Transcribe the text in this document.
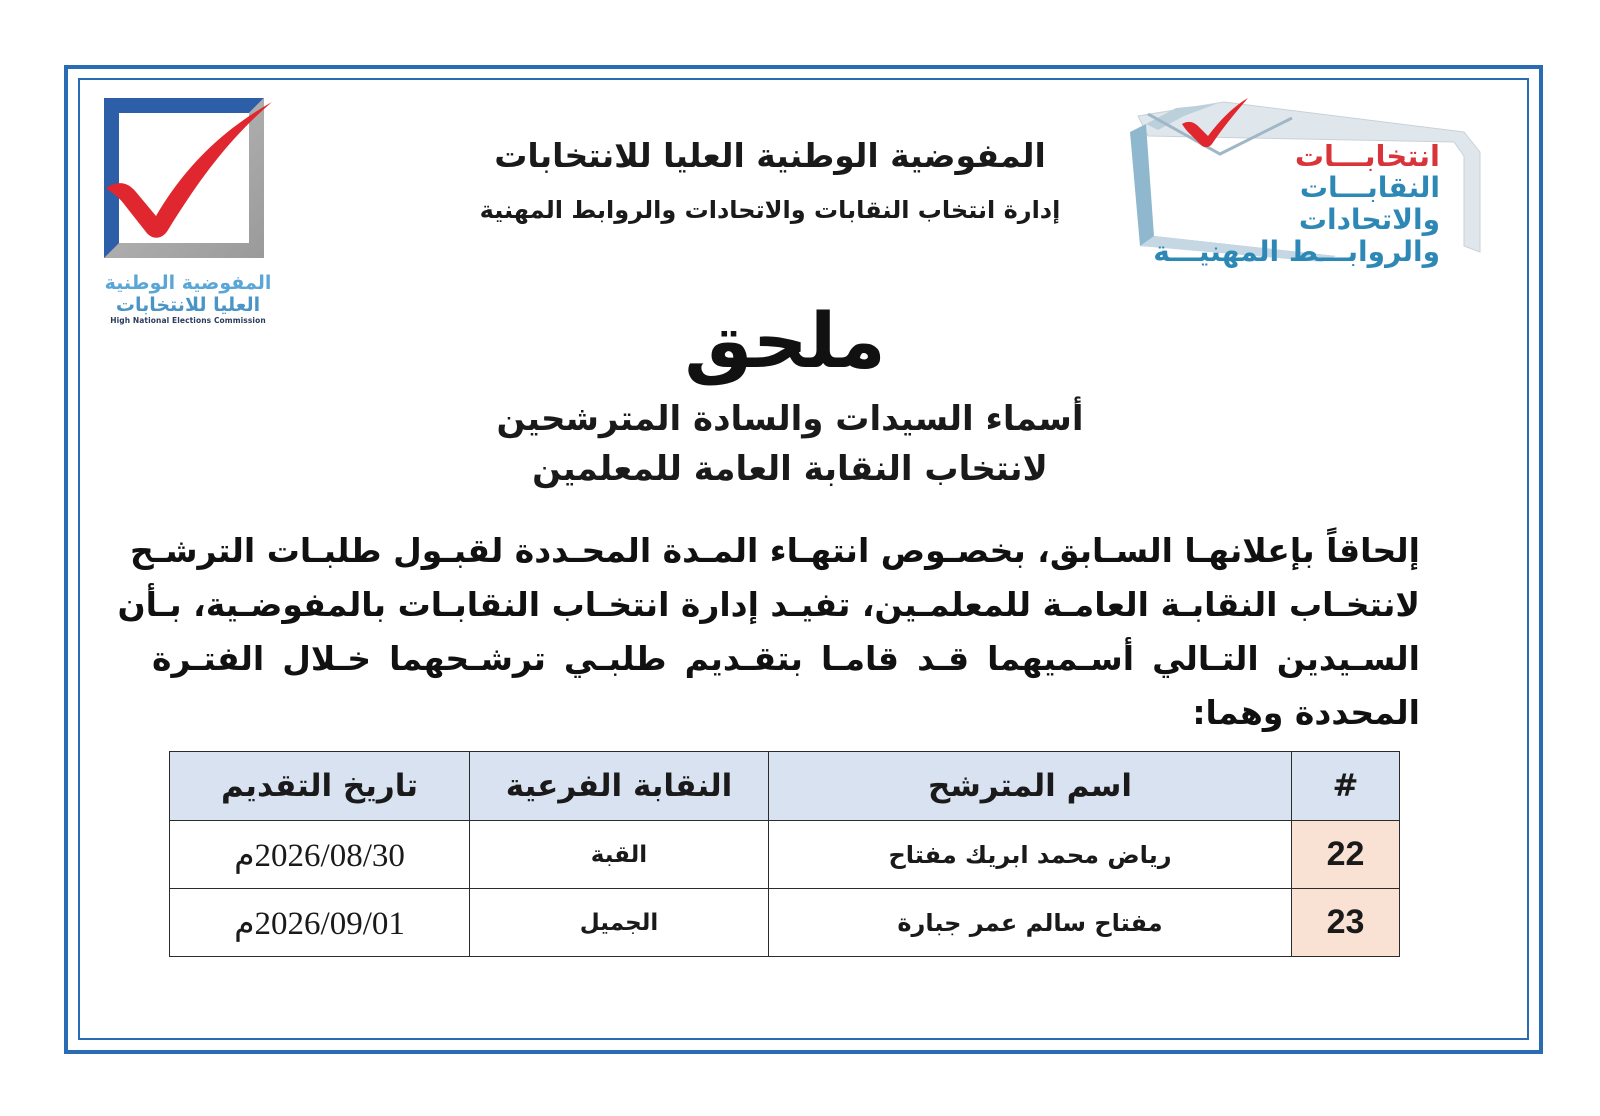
المفوضية الوطنية
العليا للانتخابات
High National Elections Commission
انتخابـــات
النقابـــات والاتحادات
والروابـــط المهنيـــة
المفوضية الوطنية العليا للانتخابات
إدارة انتخاب النقابات والاتحادات والروابط المهنية
ملحق
أسماء السيدات والسادة المترشحين
لانتخاب النقابة العامة للمعلمين
إلحاقاً بإعلانهـا السـابق، بخصـوص انتهـاء المـدة المحـددة لقبـول طلبـات الترشـح
لانتخـاب النقابـة العامـة للمعلمـين، تفيـد إدارة انتخـاب النقابـات بالمفوضـية، بـأن
السـيدين التـالي أسـميهما قـد قامـا بتقـديم طلبـي ترشـحهما خـلال الفتـرة
المحددة وهما:
#	اسم المترشح	النقابة الفرعية	تاريخ التقديم
22	رياض محمد ابريك مفتاح	القبة	2026/08/30م
23	مفتاح سالم عمر جبارة	الجميل	2026/09/01م
